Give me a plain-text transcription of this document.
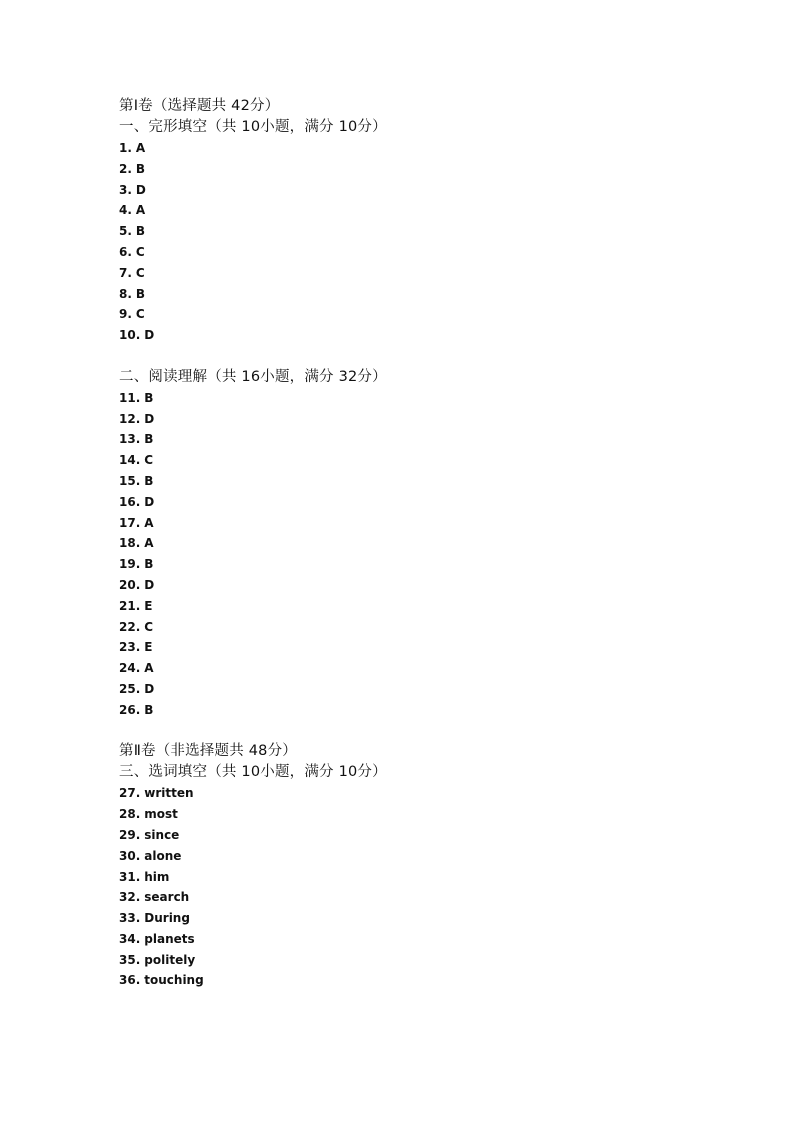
第Ⅰ卷（选择题共 42分）
一、完形填空（共 10小题，满分 10分）
1. A
2. B
3. D
4. A
5. B
6. C
7. C
8. B
9. C
10. D
二、阅读理解（共 16小题，满分 32分）
11. B
12. D
13. B
14. C
15. B
16. D
17. A
18. A
19. B
20. D
21. E
22. C
23. E
24. A
25. D
26. B
第Ⅱ卷（非选择题共 48分）
三、选词填空（共 10小题，满分 10分）
27. written
28. most
29. since
30. alone
31. him
32. search
33. During
34. planets
35. politely
36. touching
